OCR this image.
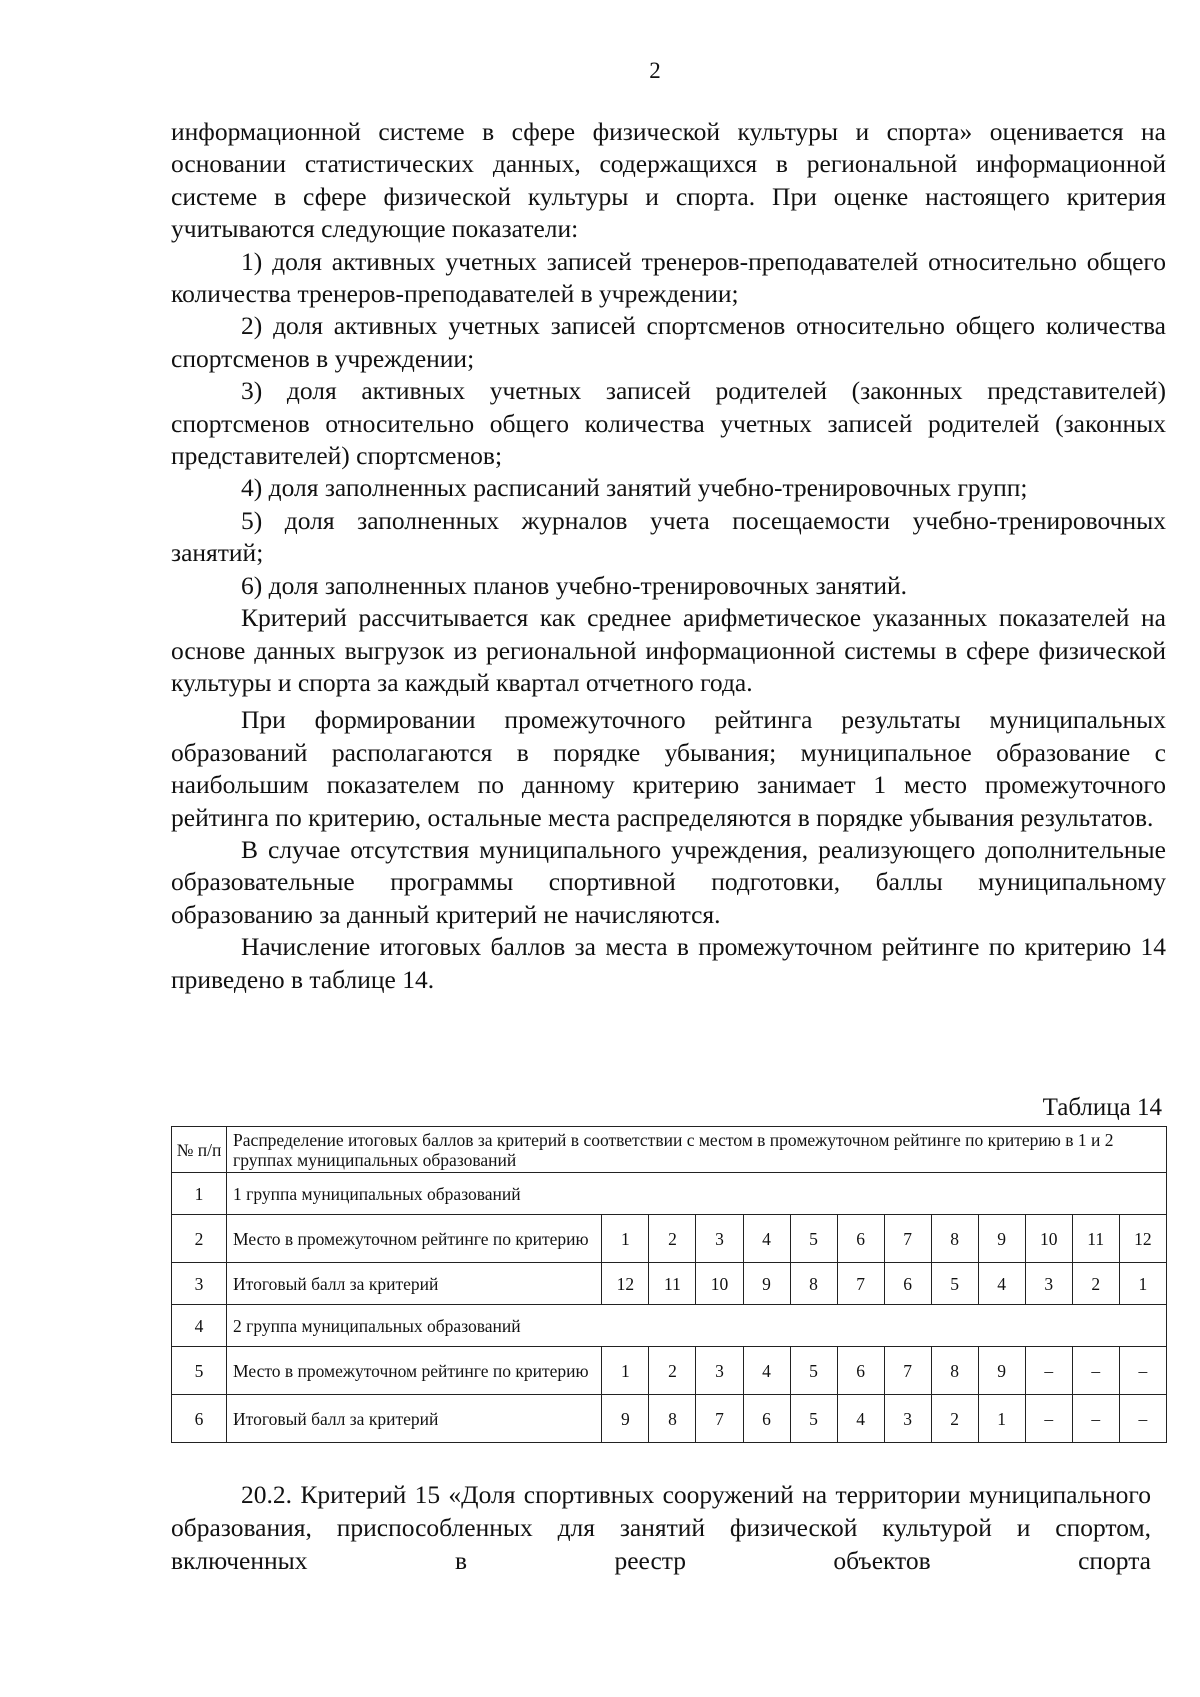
2

информационной системе в сфере физической культуры и спорта» оценивается на основании статистических данных, содержащихся в региональной информационной системе в сфере физической культуры и спорта. При оценке настоящего критерия учитываются следующие показатели:

1) доля активных учетных записей тренеров-преподавателей относительно общего количества тренеров-преподавателей в учреждении;

2) доля активных учетных записей спортсменов относительно общего количества спортсменов в учреждении;

3) доля активных учетных записей родителей (законных представителей) спортсменов относительно общего количества учетных записей родителей (законных представителей) спортсменов;

4) доля заполненных расписаний занятий учебно-тренировочных групп;

5) доля заполненных журналов учета посещаемости учебно-тренировочных занятий;

6) доля заполненных планов учебно-тренировочных занятий.

Критерий рассчитывается как среднее арифметическое указанных показателей на основе данных выгрузок из региональной информационной системы в сфере физической культуры и спорта за каждый квартал отчетного года.

При формировании промежуточного рейтинга результаты муниципальных образований располагаются в порядке убывания; муниципальное образование с наибольшим показателем по данному критерию занимает 1 место промежуточного рейтинга по критерию, остальные места распределяются в порядке убывания результатов.

В случае отсутствия муниципального учреждения, реализующего дополнительные образовательные программы спортивной подготовки, баллы муниципальному образованию за данный критерий не начисляются.

Начисление итоговых баллов за места в промежуточном рейтинге по критерию 14 приведено в таблице 14.

Таблица 14
№ п/п	Распределение итоговых баллов за критерий в соответствии с местом в промежуточном рейтинге по критерию в 1 и 2 группах муниципальных образований												
1	1 группа муниципальных образований												
2	Место в промежуточном рейтинге по критерию	1	2	3	4	5	6	7	8	9	10	11	12
3	Итоговый балл за критерий	12	11	10	9	8	7	6	5	4	3	2	1
4	2 группа муниципальных образований												
5	Место в промежуточном рейтинге по критерию	1	2	3	4	5	6	7	8	9	–	–	–
6	Итоговый балл за критерий	9	8	7	6	5	4	3	2	1	–	–	–

20.2. Критерий 15 «Доля спортивных сооружений на территории муниципального образования, приспособленных для занятий физической культурой и спортом, включенных в реестр объектов спорта
